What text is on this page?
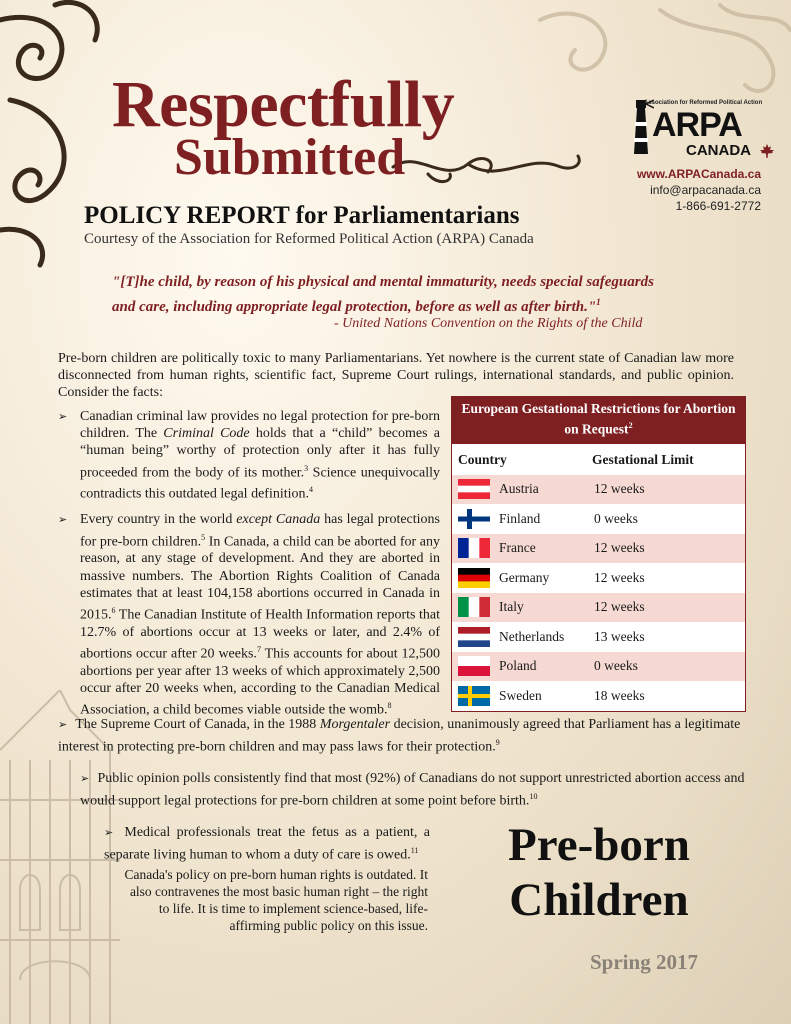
Respectfully
Submitted
POLICY REPORT for Parliamentarians
Courtesy of the Association for Reformed Political Action (ARPA) Canada
Association for Reformed Political Action
ARPA
CANADA
www.ARPACanada.ca
info@arpacanada.ca
1-866-691-2772
"[T]he child, by reason of his physical and mental immaturity, needs special safeguards and care, including appropriate legal protection, before as well as after birth."$^1$
- United Nations Convention on the Rights of the Child

Pre-born children are politically toxic to many Parliamentarians. Yet nowhere is the current state of Canadian law more disconnected from human rights, scientific fact, Supreme Court rulings, international standards, and public opinion. Consider the facts:

➢ Canadian criminal law provides no legal protection for pre-born children. The Criminal Code holds that a “child” becomes a “human being” worthy of protection only after it has fully proceeded from the body of its mother.$^3$ Science unequivocally contradicts this outdated legal definition.$^4$
➢ Every country in the world except Canada has legal protections for pre-born children.$^5$ In Canada, a child can be aborted for any reason, at any stage of development. And they are aborted in massive numbers. The Abortion Rights Coalition of Canada estimates that at least 104,158 abortions occurred in Canada in 2015.$^6$ The Canadian Institute of Health Information reports that 12.7% of abortions occur at 13 weeks or later, and 2.4% of abortions occur after 20 weeks.$^7$ This accounts for about 12,500 abortions per year after 13 weeks of which approximately 2,500 occur after 20 weeks when, according to the Canadian Medical Association, a child becomes viable outside the womb.$^8$
European Gestational Restrictions for Abortion on Request$^2$
Country	Gestational Limit
Austria	12 weeks
Finland	0 weeks
France	12 weeks
Germany	12 weeks
Italy	12 weeks
Netherlands	13 weeks
Poland	0 weeks
Sweden	18 weeks
➢ The Supreme Court of Canada, in the 1988 Morgentaler decision, unanimously agreed that Parliament has a legitimate interest in protecting pre-born children and may pass laws for their protection.$^9$
➢ Public opinion polls consistently find that most (92%) of Canadians do not support unrestricted abortion access and would support legal protections for pre-born children at some point before birth.$^{10}$
➢ Medical professionals treat the fetus as a patient, a separate living human to whom a duty of care is owed.$^{11}$
Canada's policy on pre-born human rights is outdated. It also contravenes the most basic human right – the right to life. It is time to implement science-based, life-affirming public policy on this issue.
Pre-born
Children
Spring 2017
